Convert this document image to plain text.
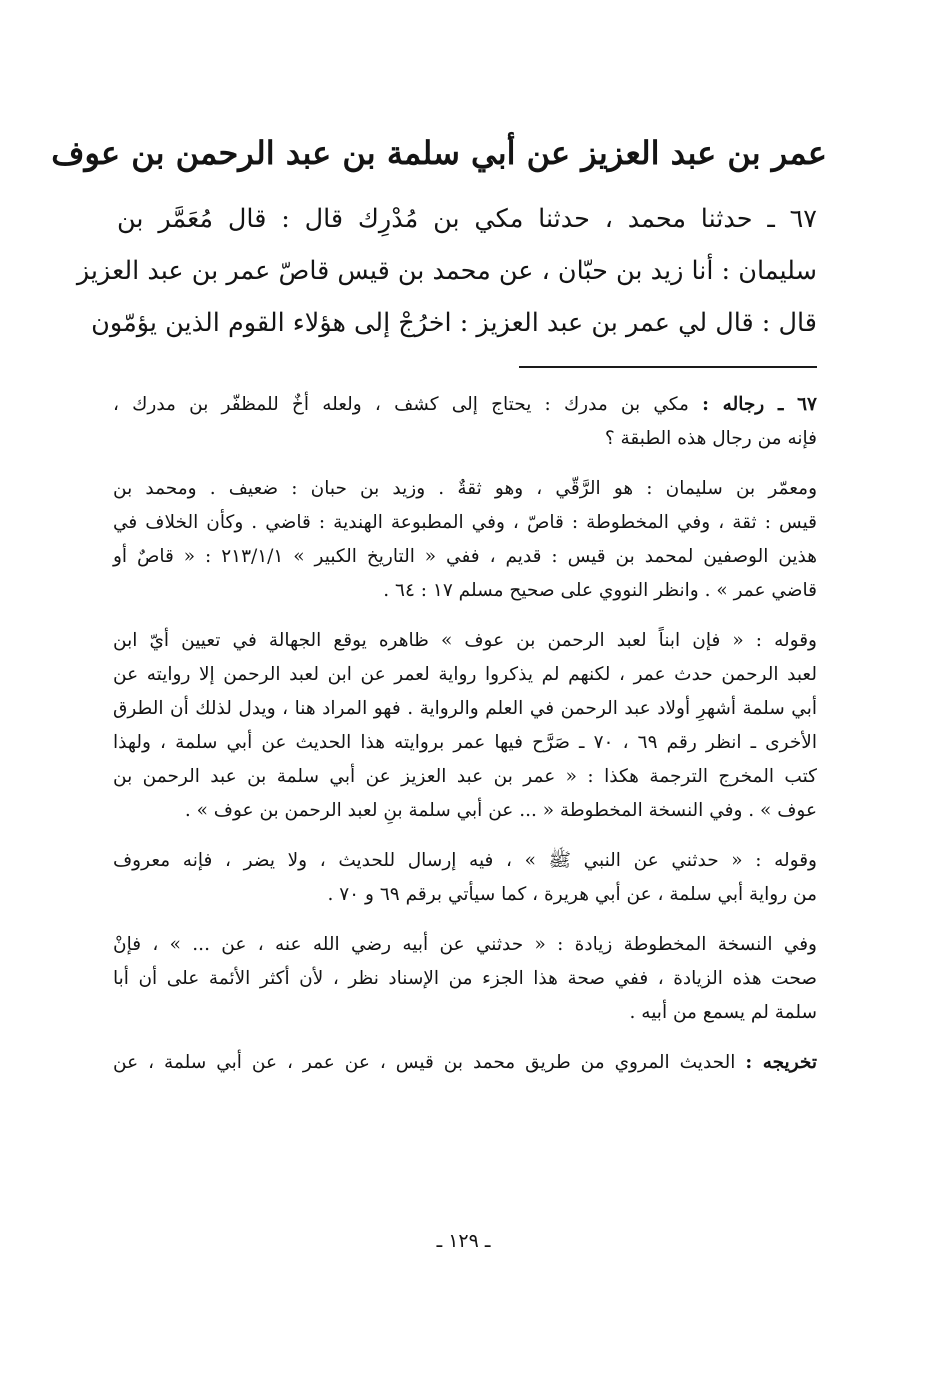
عمر بن عبد العزيز عن أبي سلمة بن عبد الرحمن بن عوف
٦٧ ـ حدثنا محمد ، حدثنا مكي بن مُدْرِك قال : قال مُعَمَّر بن
سليمان : أنا زيد بن حبّان ، عن محمد بن قيس قاصّ عمر بن عبد العزيز
قال : قال لي عمر بن عبد العزيز : اخرُجْ إلى هؤلاء القوم الذين يؤمّون
٦٧ ـ رجاله : مكي بن مدرك : يحتاج إلى كشف ، ولعله أخٌ للمظفّر بن مدرك ،
فإنه من رجال هذه الطبقة ؟
ومعمّر بن سليمان : هو الرَّقّي ، وهو ثقةٌ . وزيد بن حبان : ضعيف . ومحمد بن
قيس : ثقة ، وفي المخطوطة : قاصّ ، وفي المطبوعة الهندية : قاضي . وكأن الخلاف في
هذين الوصفين لمحمد بن قيس : قديم ، ففي « التاريخ الكبير » ٢١٣/١/١ : « قاصٌ أو
قاضي عمر » . وانظر النووي على صحيح مسلم ١٧ : ٦٤ .
وقوله : « فإن ابناً لعبد الرحمن بن عوف » ظاهره يوقع الجهالة في تعيين أيّ ابن
لعبد الرحمن حدث عمر ، لكنهم لم يذكروا رواية لعمر عن ابن لعبد الرحمن إلا روايته عن
أبي سلمة أشهرِ أولاد عبد الرحمن في العلم والرواية . فهو المراد هنا ، ويدل لذلك أن الطرق
الأخرى ـ انظر رقم ٦٩ ، ٧٠ ـ صَرَّح فيها عمر بروايته هذا الحديث عن أبي سلمة ، ولهذا
كتب المخرج الترجمة هكذا : « عمر بن عبد العزيز عن أبي سلمة بن عبد الرحمن بن
عوف » . وفي النسخة المخطوطة « ... عن أبي سلمة بنِ لعبد الرحمن بن عوف » .
وقوله : « حدثني عن النبي ﷺ » ، فيه إرسال للحديث ، ولا يضر ، فإنه معروف
من رواية أبي سلمة ، عن أبي هريرة ، كما سيأتي برقم ٦٩ و ٧٠ .
وفي النسخة المخطوطة زيادة : « حدثني عن أبيه رضي الله عنه ، عن ... » ، فإنْ
صحت هذه الزيادة ، ففي صحة هذا الجزء من الإسناد نظر ، لأن أكثر الأئمة على أن أبا
سلمة لم يسمع من أبيه .
تخريجه : الحديث المروي من طريق محمد بن قيس ، عن عمر ، عن أبي سلمة ، عن
ـ ١٢٩ ـ
